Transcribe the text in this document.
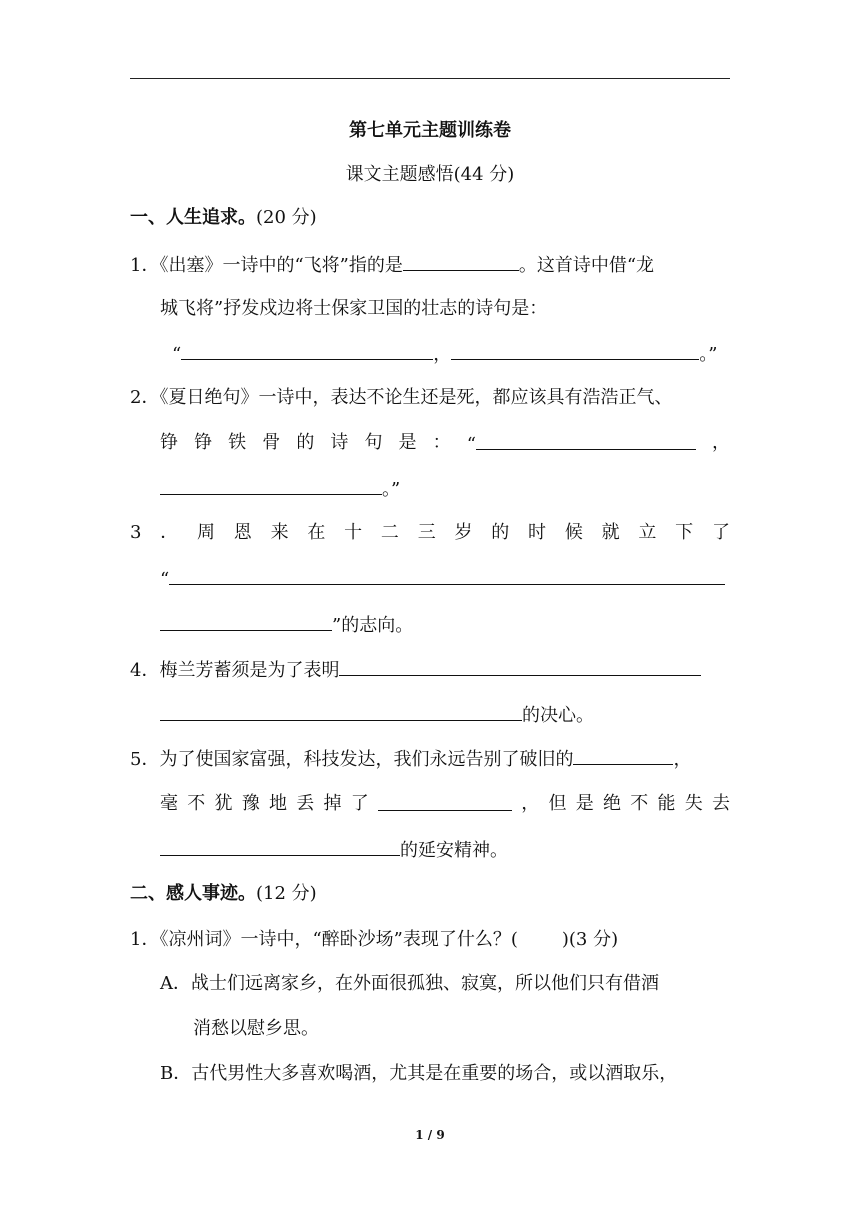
第七单元主题训练卷
课文主题感悟(44 分)
一、人生追求。(20 分)
1．《出塞》一诗中的“飞将”指的是	。这首诗中借“龙
城飞将”抒发戍边将士保家卫国的壮志的诗句是：
“	，	。”
2．《夏日绝句》一诗中，表达不论生还是死，都应该具有浩浩正气、
铮 铮 铁 骨 的 诗 句 是 ： “	，
。”
3 ． 周 恩 来 在 十 二 三 岁 的 时 候 就 立 下 了
“
”的志向。
4．梅兰芳蓄须是为了表明
的决心。
5．为了使国家富强，科技发达，我们永远告别了破旧的	，
毫 不 犹 豫 地 丢 掉 了	， 但 是 绝 不 能 失 去
的延安精神。
二、感人事迹。(12 分)
1．《凉州词》一诗中，“醉卧沙场”表现了什么？( )(3 分)
A．战士们远离家乡，在外面很孤独、寂寞，所以他们只有借酒
消愁以慰乡思。
B．古代男性大多喜欢喝酒，尤其是在重要的场合，或以酒取乐，
1 / 9
